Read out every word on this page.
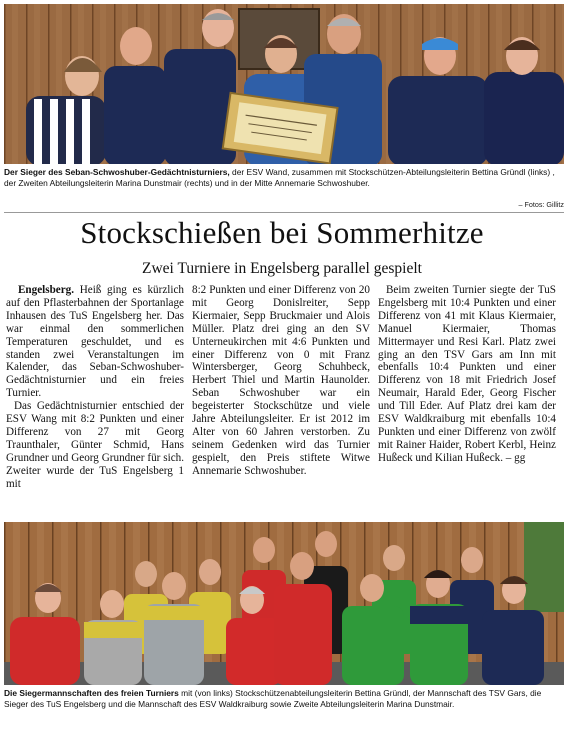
Der Sieger des Seban-Schwoshuber-Gedächtnisturniers, der ESV Wand, zusammen mit Stockschützen-Abteilungsleiterin Bettina Gründl (links) , der Zweiten Abteilungsleiterin Marina Dunstmair (rechts) und in der Mitte Annemarie Schwoshuber.
– Fotos: Gillitz
Stockschießen bei Sommerhitze
Zwei Turniere in Engelsberg parallel gespielt

Engelsberg. Heiß ging es kürzlich auf den Pflasterbahnen der Sportanlage Inhausen des TuS Engelsberg her. Das war einmal den sommerlichen Temperaturen geschuldet, und es standen zwei Veranstaltungen im Kalender, das Seban-Schwoshuber-Gedächtnisturnier und ein freies Turnier.

Das Gedächtnisturnier entschied der ESV Wang mit 8:2 Punkten und einer Differenz von 27 mit Georg Traunthaler, Günter Schmid, Hans Grundner und Georg Grundner für sich. Zweiter wurde der TuS Engelsberg 1 mit

8:2 Punkten und einer Differenz von 20 mit Georg Donislreiter, Sepp Kiermaier, Sepp Bruckmaier und Alois Müller. Platz drei ging an den SV Unterneukirchen mit 4:6 Punkten und einer Differenz von 0 mit Franz Wintersberger, Georg Schuhbeck, Herbert Thiel und Martin Haunolder. Seban Schwoshuber war ein begeisterter Stockschütze und viele Jahre Abteilungsleiter. Er ist 2012 im Alter von 60 Jahren verstorben. Zu seinem Gedenken wird das Turnier gespielt, den Preis stiftete Witwe Annemarie Schwoshuber.

Beim zweiten Turnier siegte der TuS Engelsberg mit 10:4 Punkten und einer Differenz von 41 mit Klaus Kiermaier, Manuel Kiermaier, Thomas Mittermayer und Resi Karl. Platz zwei ging an den TSV Gars am Inn mit ebenfalls 10:4 Punkten und einer Differenz von 18 mit Friedrich Josef Neumair, Harald Eder, Georg Fischer und Till Eder. Auf Platz drei kam der ESV Waldkraiburg mit ebenfalls 10:4 Punkten und einer Differenz von zwölf mit Rainer Haider, Robert Kerbl, Heinz Hußeck und Kilian Hußeck. – gg

Die Siegermannschaften des freien Turniers mit (von links) Stockschützenabteilungsleiterin Bettina Gründl, der Mannschaft des TSV Gars, die Sieger des TuS Engelsberg und die Mannschaft des ESV Waldkraiburg sowie Zweite Abteilungsleiterin Marina Dunstmair.
